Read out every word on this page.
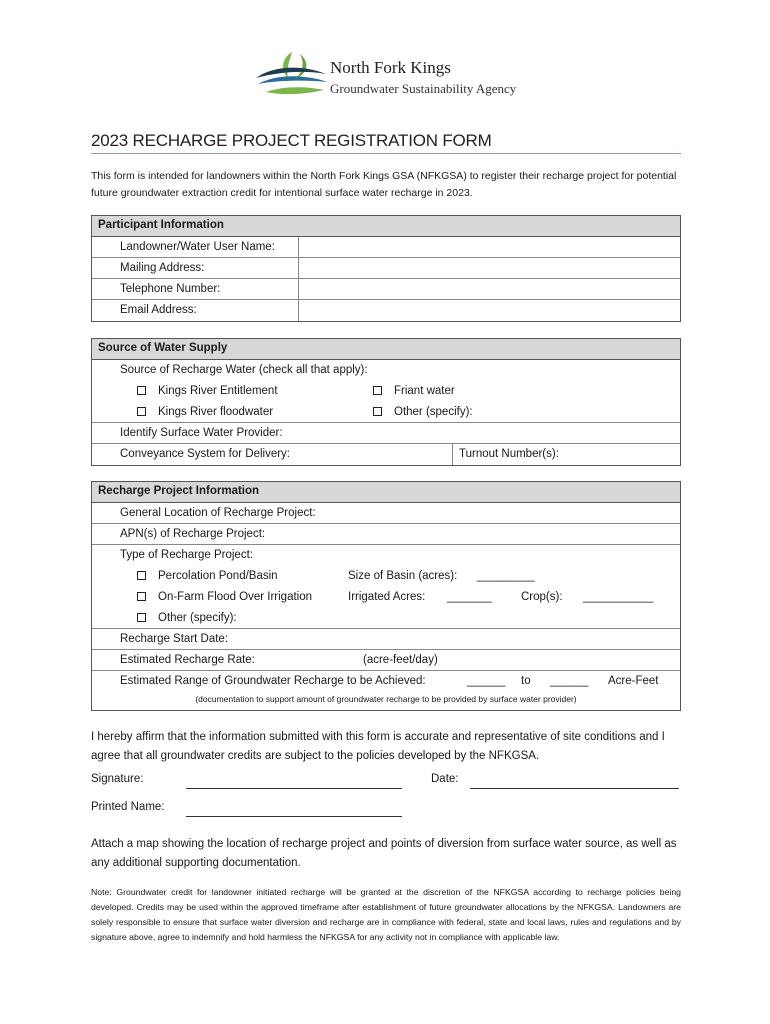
North Fork Kings
Groundwater Sustainability Agency
2023 RECHARGE PROJECT REGISTRATION FORM
This form is intended for landowners within the North Fork Kings GSA (NFKGSA) to register their recharge project for potential future groundwater extraction credit for intentional surface water recharge in 2023.
Participant Information
Landowner/Water User Name:
Mailing Address:
Telephone Number:
Email Address:
Source of Water Supply
Source of Recharge Water (check all that apply):
Kings River Entitlement	Friant water
Kings River floodwater	Other (specify):
Identify Surface Water Provider:
Conveyance System for Delivery:	Turnout Number(s):
Recharge Project Information
General Location of Recharge Project:
APN(s) of Recharge Project:
Type of Recharge Project:
Percolation Pond/Basin	Size of Basin (acres): _________
On-Farm Flood Over Irrigation	Irrigated Acres: _______	Crop(s): ___________
Other (specify):
Recharge Start Date:
Estimated Recharge Rate:	(acre-feet/day)
Estimated Range of Groundwater Recharge to be Achieved:	______ to ______ Acre-Feet
(documentation to support amount of groundwater recharge to be provided by surface water provider)
I hereby affirm that the information submitted with this form is accurate and representative of site conditions and I agree that all groundwater credits are subject to the policies developed by the NFKGSA.
Signature:	Date:
Printed Name:
Attach a map showing the location of recharge project and points of diversion from surface water source, as well as any additional supporting documentation.
Note: Groundwater credit for landowner initiated recharge will be granted at the discretion of the NFKGSA according to recharge policies being developed. Credits may be used within the approved timeframe after establishment of future groundwater allocations by the NFKGSA. Landowners are solely responsible to ensure that surface water diversion and recharge are in compliance with federal, state and local laws, rules and regulations and by signature above, agree to indemnify and hold harmless the NFKGSA for any activity not in compliance with applicable law.
